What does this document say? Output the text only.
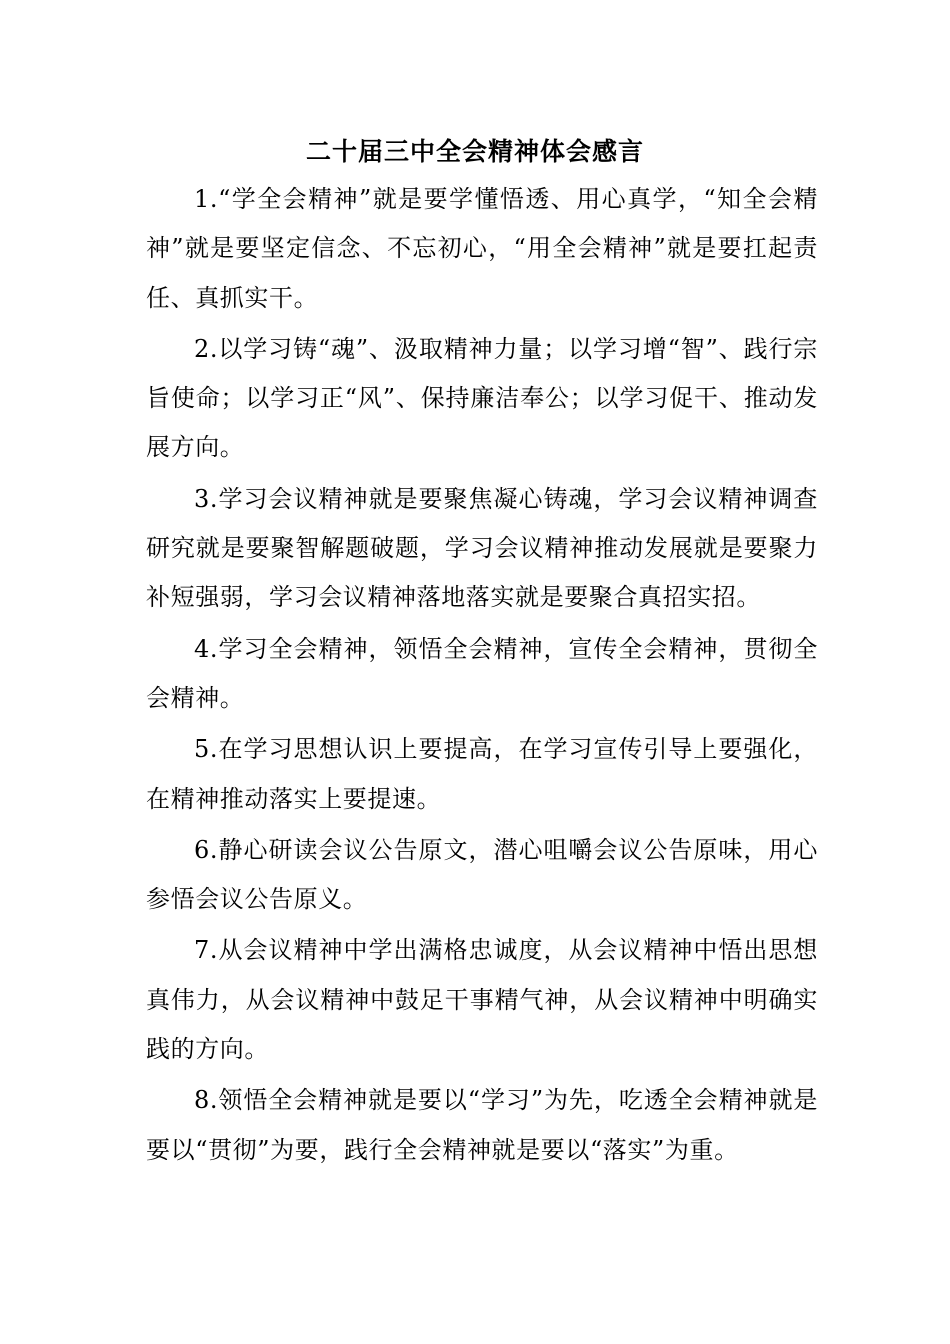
二十届三中全会精神体会感言

1.“学全会精神”就是要学懂悟透、用心真学，“知全会精神”就是要坚定信念、不忘初心，“用全会精神”就是要扛起责任、真抓实干。

2.以学习铸“魂”、汲取精神力量；以学习增“智”、践行宗旨使命；以学习正“风”、保持廉洁奉公；以学习促干、推动发展方向。

3.学习会议精神就是要聚焦凝心铸魂，学习会议精神调查研究就是要聚智解题破题，学习会议精神推动发展就是要聚力补短强弱，学习会议精神落地落实就是要聚合真招实招。

4.学习全会精神，领悟全会精神，宣传全会精神，贯彻全会精神。

5.在学习思想认识上要提高，在学习宣传引导上要强化，在精神推动落实上要提速。

6.静心研读会议公告原文，潜心咀嚼会议公告原味，用心参悟会议公告原义。

7.从会议精神中学出满格忠诚度，从会议精神中悟出思想真伟力，从会议精神中鼓足干事精气神，从会议精神中明确实践的方向。

8.领悟全会精神就是要以“学习”为先，吃透全会精神就是要以“贯彻”为要，践行全会精神就是要以“落实”为重。
